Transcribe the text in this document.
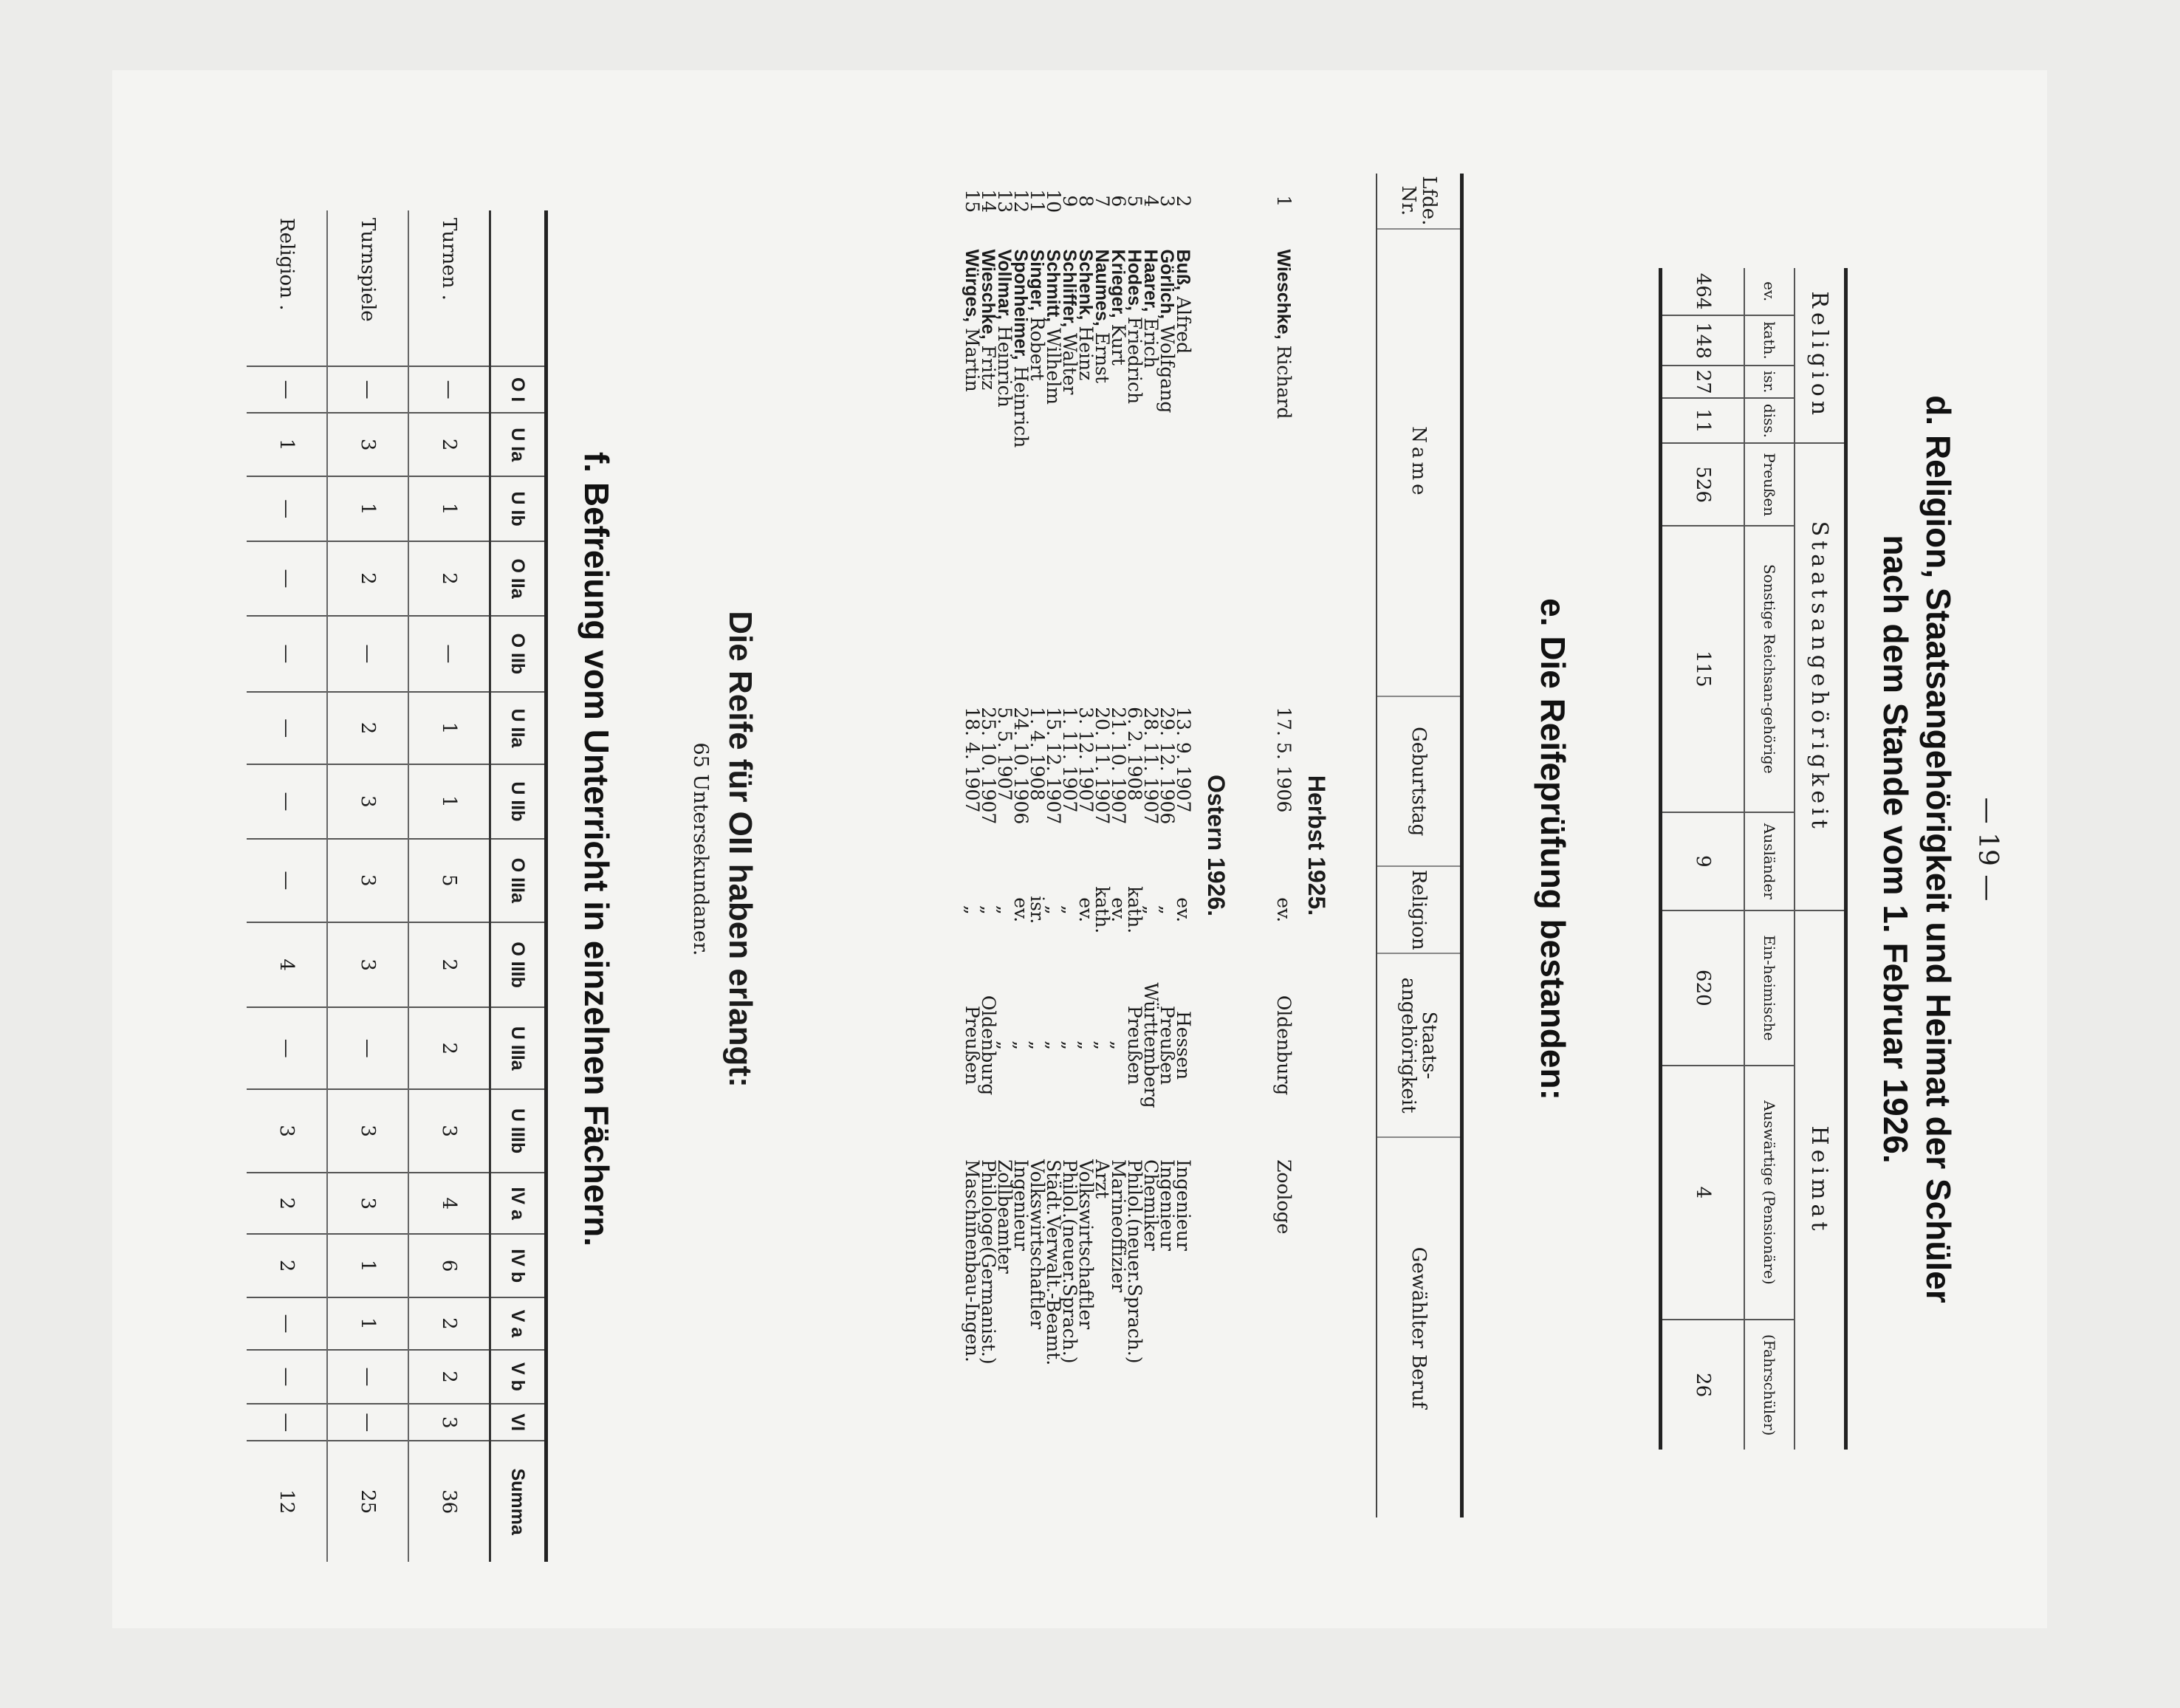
— 19 —
d. Religion, Staatsangehörigkeit und Heimat der Schüler
nach dem Stande vom 1. Februar 1926.
Religion				Staatsangehörigkeit			Heimat		
ev.	kath.	isr.	diss.	Preußen	Sonstige Reichsan-gehörige	Ausländer	Ein-heimische	Auswärtige (Pensionäre)	(Fahrschüler)
464	148	27	11	526	115	9	620	4	26
e. Die Reifeprüfung bestanden:
Lfde. Nr.	Name	Geburtstag	Religion	Staats-angehörigkeit	Gewählter Beruf

Herbst 1925.					
1	Wieschke, Richard	17. 5. 1906	ev.	Oldenburg	Zoologe

Ostern 1926.					
2	Buß, Alfred	13. 9. 1907	ev.	Hessen	Ingenieur
3	Görlich, Wolfgang	29. 12. 1906	„	Preußen	Ingenieur
4	Haarer, Erich	28. 11. 1907	„	Württemberg	Chemiker
5	Hodes, Friedrich	6. 2. 1908	kath.	Preußen	Philol.(neuer.Sprach.)
6	Krieger, Kurt	21. 10. 1907	ev.	„	Marineoffizier
7	Naumes, Ernst	20. 11. 1907	kath.	„	Arzt
8	Schenk, Heinz	3. 12. 1907	ev.	„	Volkswirtschaftler
9	Schliffer, Walter	1. 11. 1907	„	„	Philol.(neuer.Sprach.)
10	Schmitt, Wilhelm	15. 12. 1907	„	„	Städt.Verwalt.-Beamt.
11	Singer, Robert	1. 4. 1908	isr.	„	Volkswirtschaftler
12	Sponheimer, Heinrich	24. 10. 1906	ev.	„	Ingenieur
13	Vollmar, Heinrich	5. 5. 1907	„	„	Zollbeamter
14	Wieschke, Fritz	25. 10. 1907	„	Oldenburg	Philologe(Germanist.)
15	Würges, Martin	18. 4. 1907	„	Preußen	Maschinenbau-Ingen.
Die Reife für OII haben erlangt:
65 Untersekundaner.
f. Befreiung vom Unterricht in einzelnen Fächern.
	O I	U Ia	U Ib	O IIa	O IIb	U IIa	U IIb	O IIIa	O IIIb	U IIIa	U IIIb	IV a	IV b	V a	V b	VI	Summa
Turnen .	—	2	1	2	—	1	1	5	2	2	3	4	6	2	2	3	36
Turnspiele	—	3	1	2	—	2	3	3	3	—	3	3	1	1	—	—	25
Religion .	—	1	—	—	—	—	—	—	4	—	3	2	2	—	—	—	12
